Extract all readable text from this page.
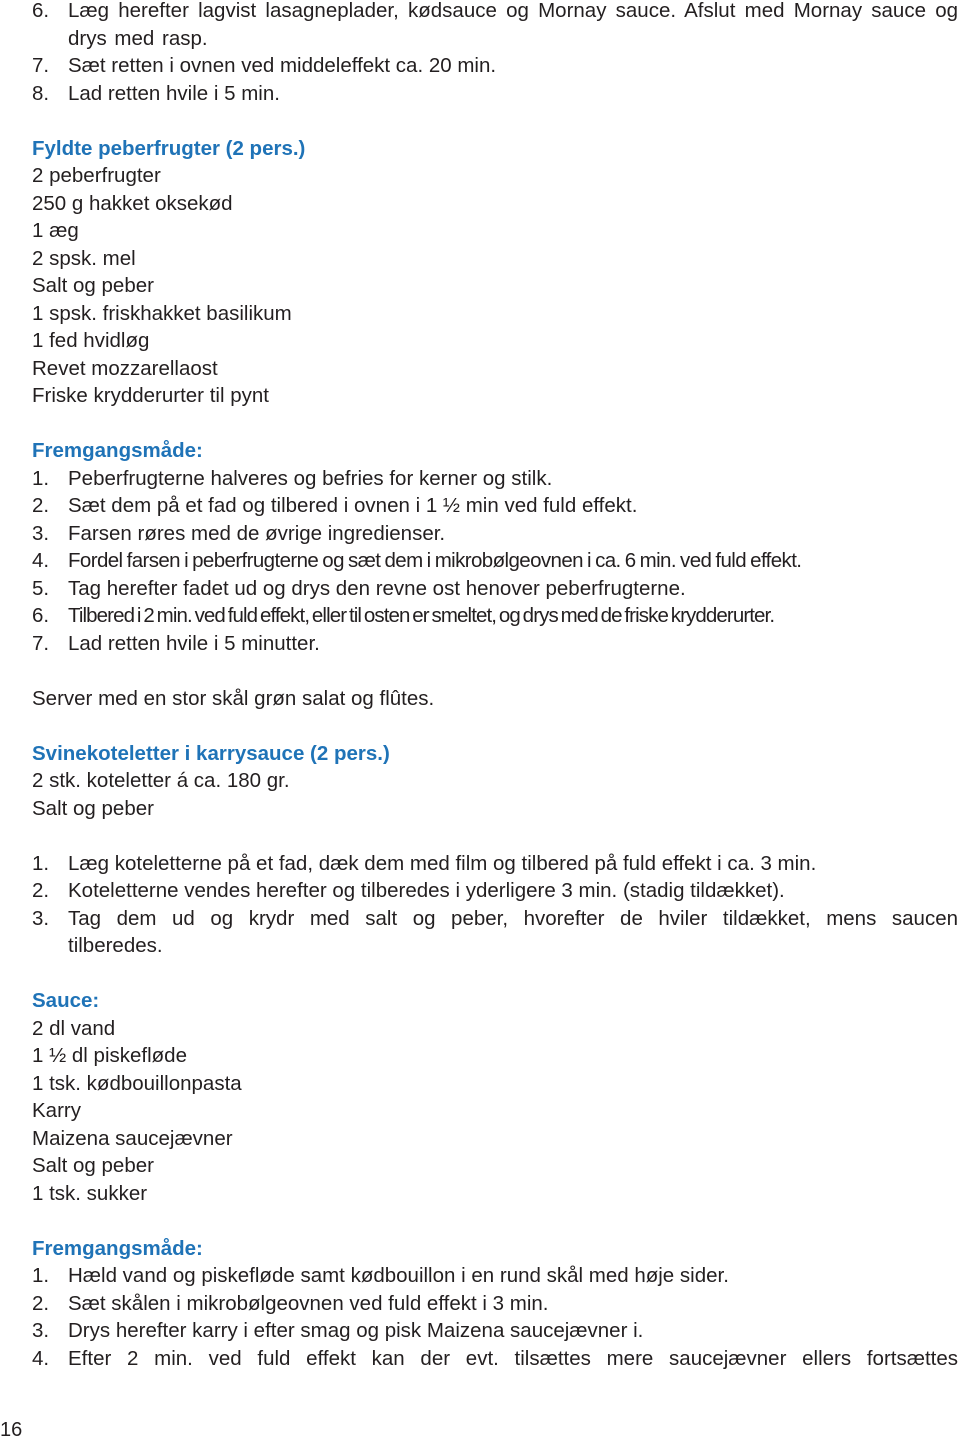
6. Læg herefter lagvist lasagneplader, kødsauce og Mornay sauce. Afslut med Mornay sauce og drys med rasp.
7. Sæt retten i ovnen ved middeleffekt ca. 20 min.
8. Lad retten hvile i 5 min.
Fyldte peberfrugter (2 pers.)
2 peberfrugter
250 g hakket oksekød
1 æg
2 spsk. mel
Salt og peber
1 spsk. friskhakket basilikum
1 fed hvidløg
Revet mozzarellaost
Friske krydderurter til pynt
Fremgangsmåde:
1. Peberfrugterne halveres og befries for kerner og stilk.
2. Sæt dem på et fad og tilbered i ovnen i 1 ½ min ved fuld effekt.
3. Farsen røres med de øvrige ingredienser.
4. Fordel farsen i peberfrugterne og sæt dem i mikrobølgeovnen i ca. 6 min. ved fuld effekt.
5. Tag herefter fadet ud og drys den revne ost henover peberfrugterne.
6. Tilbered i 2 min. ved fuld effekt, eller til osten er smeltet, og drys med de friske krydderurter.
7. Lad retten hvile i 5 minutter.
Server med en stor skål grøn salat og flûtes.
Svinekoteletter i karrysauce (2 pers.)
2 stk. koteletter á ca. 180 gr.
Salt og peber
1. Læg koteletterne på et fad, dæk dem med film og tilbered på fuld effekt i ca. 3 min.
2. Koteletterne vendes herefter og tilberedes i yderligere 3 min. (stadig tildækket).
3. Tag dem ud og krydr med salt og peber, hvorefter de hviler tildækket, mens saucen tilberedes.
Sauce:
2 dl vand
1 ½ dl piskefløde
1 tsk. kødbouillonpasta
Karry
Maizena saucejævner
Salt og peber
1 tsk. sukker
Fremgangsmåde:
1. Hæld vand og piskefløde samt kødbouillon i en rund skål med høje sider.
2. Sæt skålen i mikrobølgeovnen ved fuld effekt i 3 min.
3. Drys herefter karry i efter smag og pisk Maizena saucejævner i.
4. Efter 2 min. ved fuld effekt kan der evt. tilsættes mere saucejævner ellers fortsættes
16
